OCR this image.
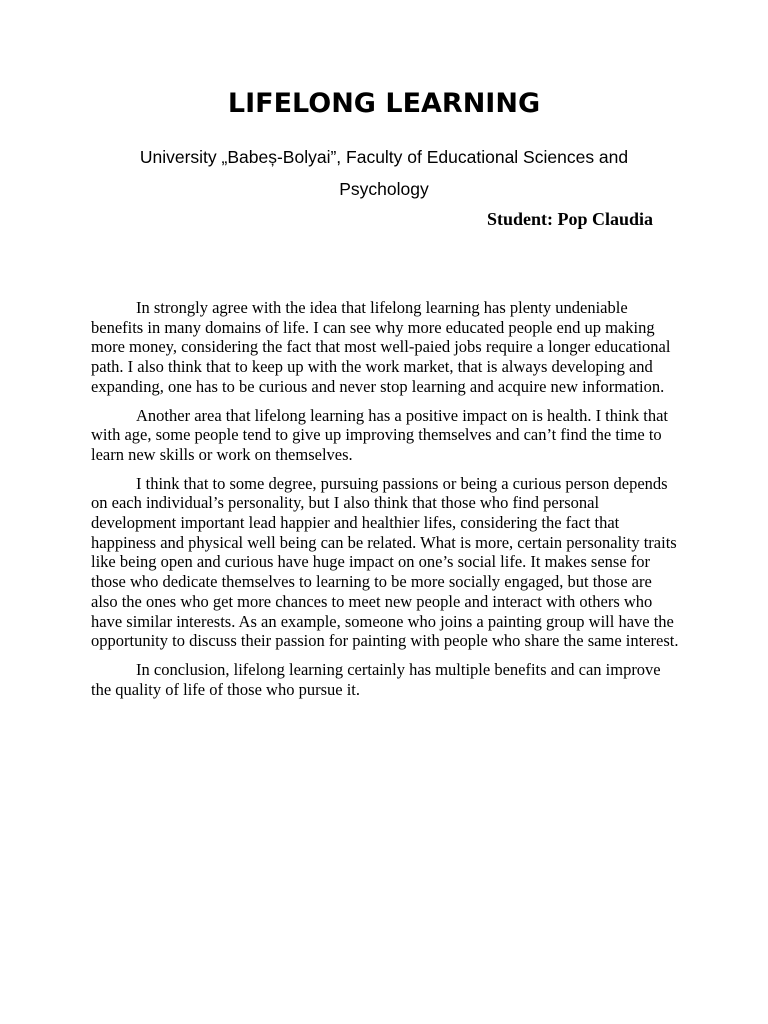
LIFELONG LEARNING

University „Babeș-Bolyai”, Faculty of Educational Sciences and Psychology

Student: Pop Claudia

In strongly agree with the idea that lifelong learning has plenty undeniable benefits in many domains of life. I can see why more educated people end up making more money, considering the fact that most well-paied jobs require a longer educational path. I also think that to keep up with the work market, that is always developing and expanding, one has to be curious and never stop learning and acquire new information.

Another area that lifelong learning has a positive impact on is health. I think that with age, some people tend to give up improving themselves and can’t find the time to learn new skills or work on themselves.

I think that to some degree, pursuing passions or being a curious person depends on each individual’s personality, but I also think that those who find personal development important lead happier and healthier lifes, considering the fact that happiness and physical well being can be related. What is more, certain personality traits like being open and curious have huge impact on one’s social life. It makes sense for those who dedicate themselves to learning to be more socially engaged, but those are also the ones who get more chances to meet new people and interact with others who have similar interests. As an example, someone who joins a painting group will have the opportunity to discuss their passion for painting with people who share the same interest.

In conclusion, lifelong learning certainly has multiple benefits and can improve the quality of life of those who pursue it.
